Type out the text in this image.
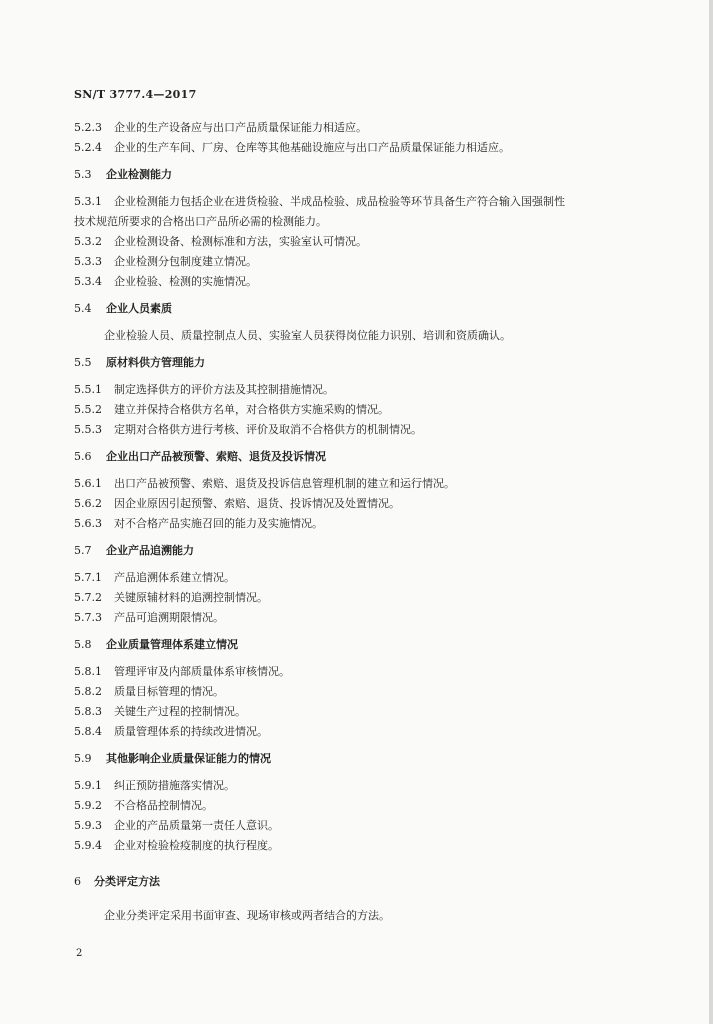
SN/T 3777.4—2017
5.2.3	企业的生产设备应与出口产品质量保证能力相适应。
5.2.4	企业的生产车间、厂房、仓库等其他基础设施应与出口产品质量保证能力相适应。
5.3	企业检测能力
5.3.1	企业检测能力包括企业在进货检验、半成品检验、成品检验等环节具备生产符合输入国强制性
技术规范所要求的合格出口产品所必需的检测能力。
5.3.2	企业检测设备、检测标准和方法，实验室认可情况。
5.3.3	企业检测分包制度建立情况。
5.3.4	企业检验、检测的实施情况。
5.4	企业人员素质
企业检验人员、质量控制点人员、实验室人员获得岗位能力识别、培训和资质确认。
5.5	原材料供方管理能力
5.5.1	制定选择供方的评价方法及其控制措施情况。
5.5.2	建立并保持合格供方名单，对合格供方实施采购的情况。
5.5.3	定期对合格供方进行考核、评价及取消不合格供方的机制情况。
5.6	企业出口产品被预警、索赔、退货及投诉情况
5.6.1	出口产品被预警、索赔、退货及投诉信息管理机制的建立和运行情况。
5.6.2	因企业原因引起预警、索赔、退货、投诉情况及处置情况。
5.6.3	对不合格产品实施召回的能力及实施情况。
5.7	企业产品追溯能力
5.7.1	产品追溯体系建立情况。
5.7.2	关键原辅材料的追溯控制情况。
5.7.3	产品可追溯期限情况。
5.8	企业质量管理体系建立情况
5.8.1	管理评审及内部质量体系审核情况。
5.8.2	质量目标管理的情况。
5.8.3	关键生产过程的控制情况。
5.8.4	质量管理体系的持续改进情况。
5.9	其他影响企业质量保证能力的情况
5.9.1	纠正预防措施落实情况。
5.9.2	不合格品控制情况。
5.9.3	企业的产品质量第一责任人意识。
5.9.4	企业对检验检疫制度的执行程度。
6	分类评定方法
企业分类评定采用书面审查、现场审核或两者结合的方法。
2
